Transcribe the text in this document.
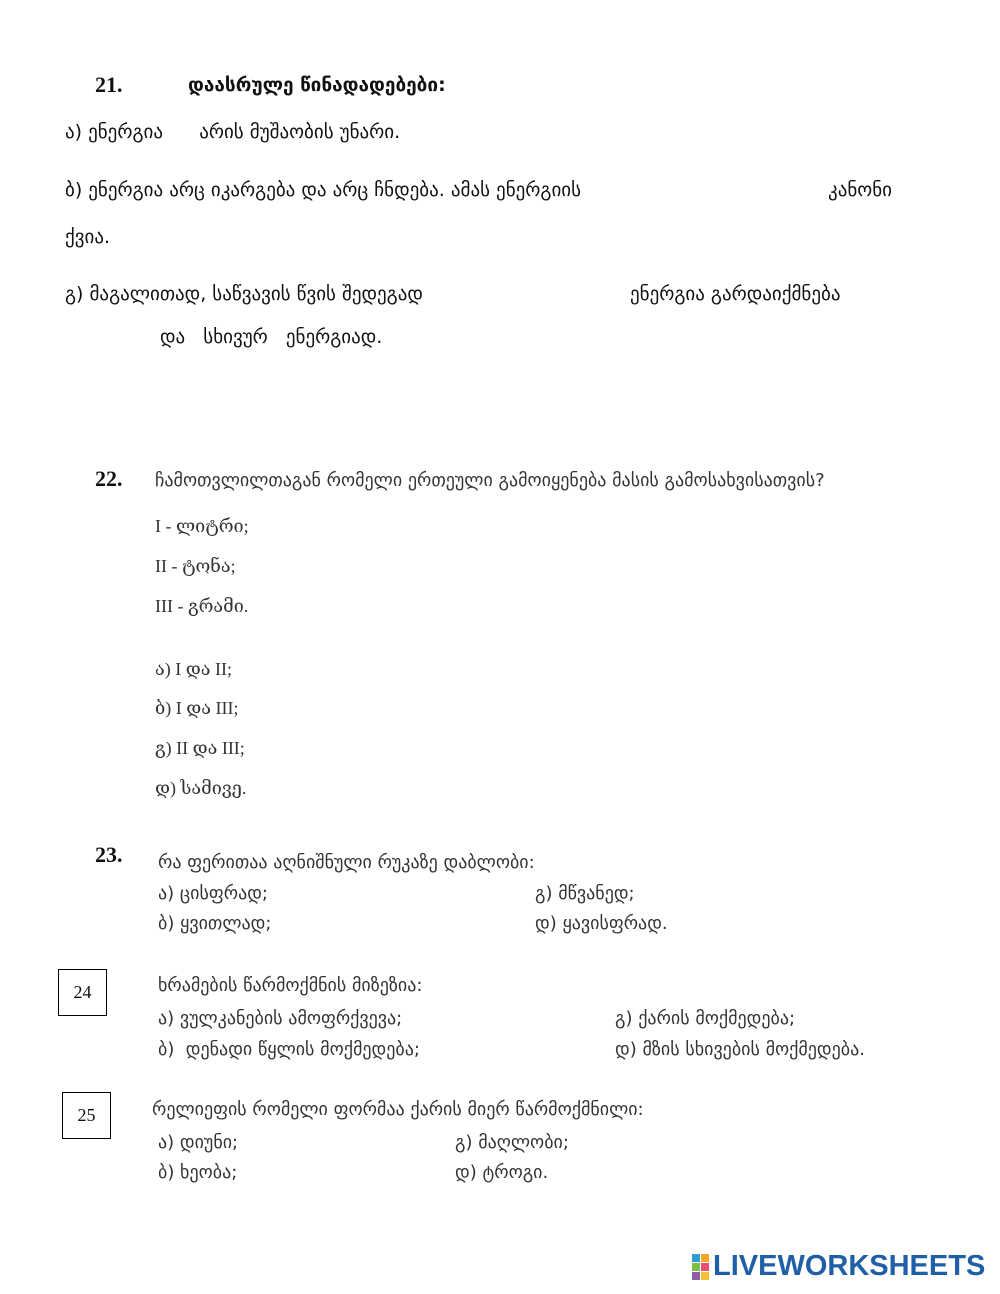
21.	დაასრულე წინადადებები:
ა) ენერგია      არის მუშაობის უნარი.
ბ) ენერგია არც იკარგება და არც ჩნდება. ამას ენერგიის	კანონი
ქვია.
გ) მაგალითად, საწვავის წვის შედეგად	ენერგია გარდაიქმნება
და   სხივურ   ენერგიად.
22. ჩამოთვლილთაგან რომელი ერთეული გამოიყენება მასის გამოსახვისათვის?
I - ლიტრი;
II - ტონა;
III - გრამი.
ა) I და II;
ბ) I და III;
გ) II და III;
დ) სამივე.
23. რა ფერითაა აღნიშნული რუკაზე დაბლობი:
ა) ცისფრად;	გ) მწვანედ;
ბ) ყვითლად;	დ) ყავისფრად.
24	ხრამების წარმოქმნის მიზეზია:
ა) ვულკანების ამოფრქვევა;	გ) ქარის მოქმედება;
ბ)  დენადი წყლის მოქმედება;	დ) მზის სხივების მოქმედება.
25	რელიეფის რომელი ფორმაა ქარის მიერ წარმოქმნილი:
ა) დიუნი;	გ) მაღლობი;
ბ) ხეობა;	დ) ტროგი.
LIVEWORKSHEETS
